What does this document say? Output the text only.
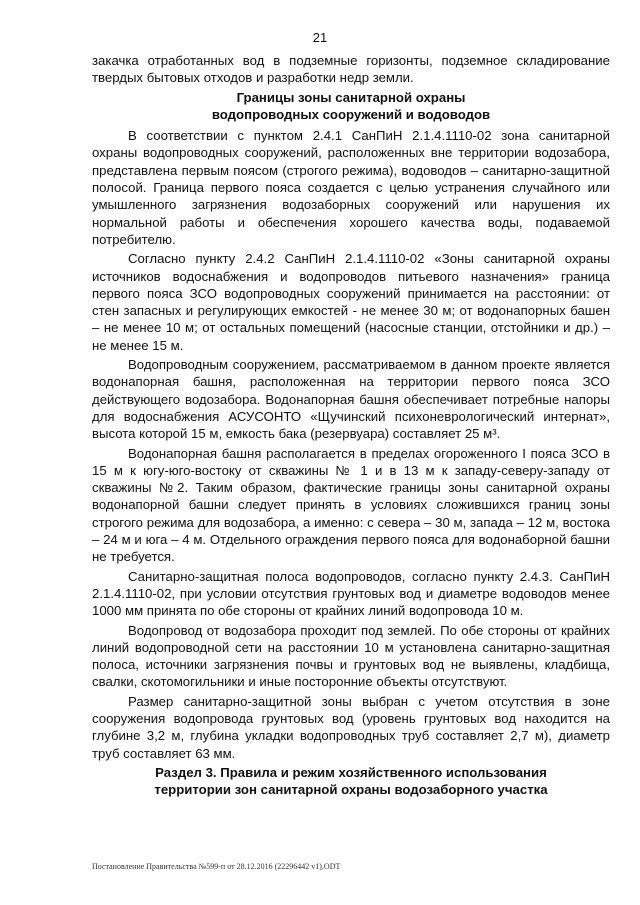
21

закачка отработанных вод в подземные горизонты, подземное складирование твердых бытовых отходов и разработки недр земли.

Границы зоны санитарной охраны
водопроводных сооружений и водоводов

В соответствии с пунктом 2.4.1 СанПиН 2.1.4.1110-02 зона санитарной охраны водопроводных сооружений, расположенных вне территории водозабора, представлена первым поясом (строгого режима), водоводов – санитарно-защитной полосой. Граница первого пояса создается с целью устранения случайного или умышленного загрязнения водозаборных сооружений или нарушения их нормальной работы и обеспечения хорошего качества воды, подаваемой потребителю.

Согласно пункту 2.4.2 СанПиН 2.1.4.1110-02 «Зоны санитарной охраны источников водоснабжения и водопроводов питьевого назначения» граница первого пояса ЗСО водопроводных сооружений принимается на расстоянии: от стен запасных и регулирующих емкостей - не менее 30 м; от водонапорных башен – не менее 10 м; от остальных помещений (насосные станции, отстойники и др.) – не менее 15 м.

Водопроводным сооружением, рассматриваемом в данном проекте является водонапорная башня, расположенная на территории первого пояса ЗСО действующего водозабора. Водонапорная башня обеспечивает потребные напоры для водоснабжения АСУСОНТО «Щучинский психоневрологический интернат», высота которой 15 м, емкость бака (резервуара) составляет 25 м³.

Водонапорная башня располагается в пределах огороженного I пояса ЗСО в 15 м к югу-юго-востоку от скважины № 1 и в 13 м к западу-северу-западу от скважины №2. Таким образом, фактические границы зоны санитарной охраны водонапорной башни следует принять в условиях сложившихся границ зоны строгого режима для водозабора, а именно: с севера – 30 м, запада – 12 м, востока – 24 м и юга – 4 м. Отдельного ограждения первого пояса для водонаборной башни не требуется.

Санитарно-защитная полоса водопроводов, согласно пункту 2.4.3. СанПиН 2.1.4.1110-02, при условии отсутствия грунтовых вод и диаметре водоводов менее 1000 мм принята по обе стороны от крайних линий водопровода 10 м.

Водопровод от водозабора проходит под землей. По обе стороны от крайних линий водопроводной сети на расстоянии 10 м установлена санитарно-защитная полоса, источники загрязнения почвы и грунтовых вод не выявлены, кладбища, свалки, скотомогильники и иные посторонние объекты отсутствуют.

Размер санитарно-защитной зоны выбран с учетом отсутствия в зоне сооружения водопровода грунтовых вод (уровень грунтовых вод находится на глубине 3,2 м, глубина укладки водопроводных труб составляет 2,7 м), диаметр труб составляет 63 мм.

Раздел 3. Правила и режим хозяйственного использования
территории зон санитарной охраны водозаборного участка

Постановление Правительства №599-п от 28.12.2016 (22296442 v1).ODT
